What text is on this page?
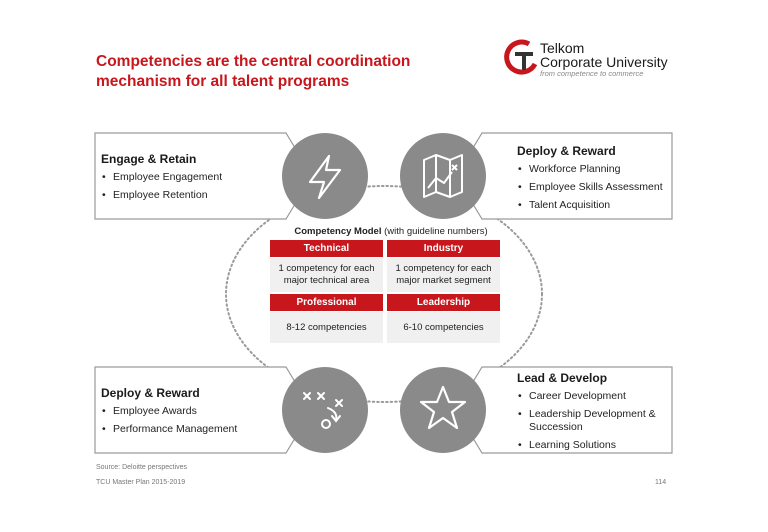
Competencies are the central coordination mechanism for all talent programs
Telkom
Corporate University
from competence to commerce
Engage & Retain
• Employee Engagement
• Employee Retention
Deploy & Reward
• Workforce Planning
• Employee Skills Assessment
• Talent Acquisition
Deploy & Reward
• Employee Awards
• Performance Management
Lead & Develop
• Career Development
• Leadership Development & Succession
• Learning Solutions
Competency Model (with guideline numbers)
Technical	Industry
1 competency for each major technical area
1 competency for each major market segment
Professional	Leadership
8-12 competencies	6-10 competencies
Source: Deloitte perspectives
TCU Master Plan 2015-2019	114
